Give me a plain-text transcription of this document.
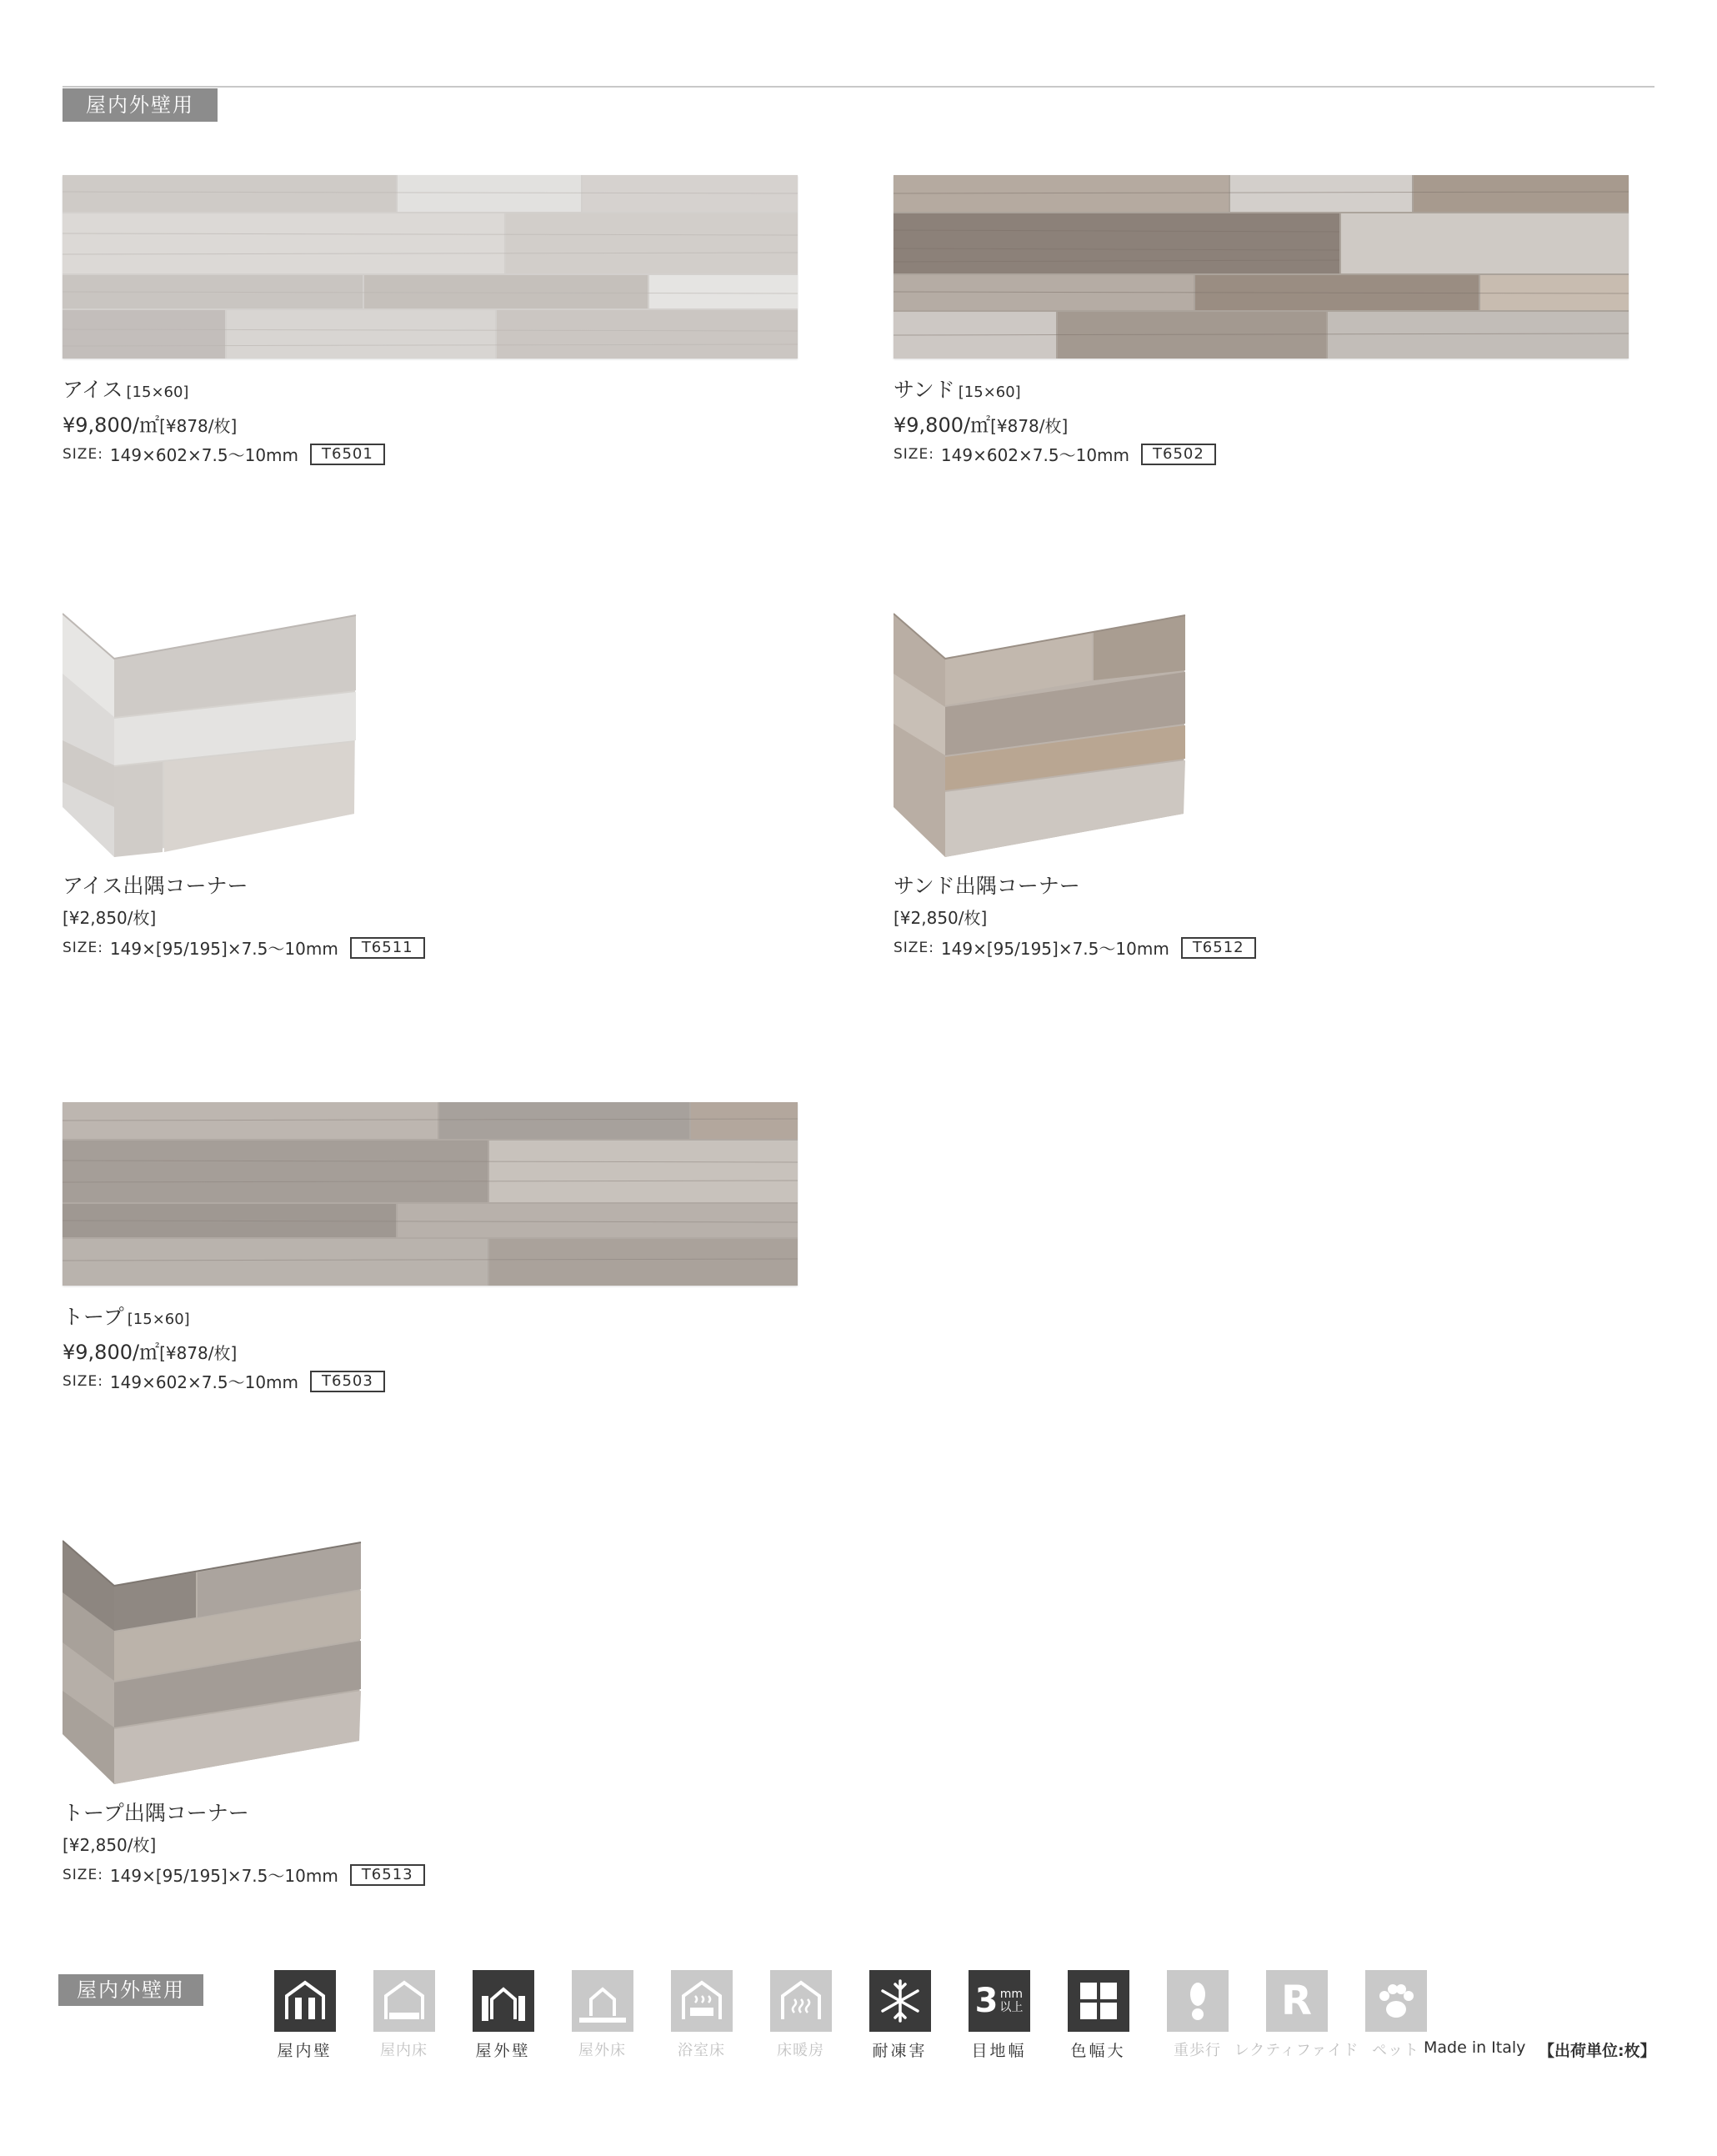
屋内外壁用
アイス [15×60]
¥9,800/㎡[¥878/枚]
SIZE: 149×602×7.5～10mm	T6501
サンド [15×60]
¥9,800/㎡[¥878/枚]
SIZE: 149×602×7.5～10mm	T6502
アイス出隅コーナー
[¥2,850/枚]
SIZE: 149×[95/195]×7.5～10mm	T6511
サンド出隅コーナー
[¥2,850/枚]
SIZE: 149×[95/195]×7.5～10mm	T6512
トープ [15×60]
¥9,800/㎡[¥878/枚]
SIZE: 149×602×7.5～10mm	T6503
トープ出隅コーナー
[¥2,850/枚]
SIZE: 149×[95/195]×7.5～10mm	T6513
屋内外壁用
屋内壁	屋内床	屋外壁	屋外床	浴室床	床暖房	耐凍害
3 mm
以上
目地幅	色幅大	重歩行
R
レクティファイド ペット Made in Italy 【出荷単位:枚】
